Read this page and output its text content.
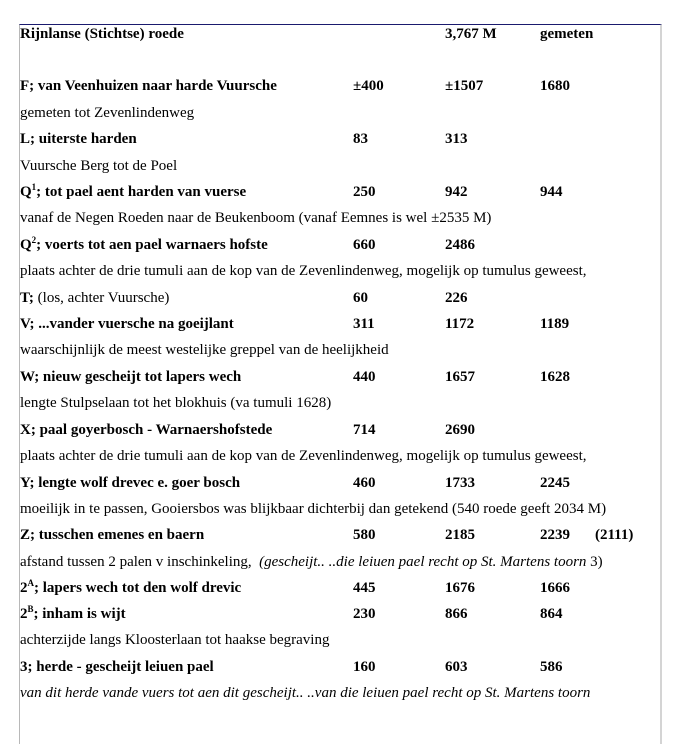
Rijnlanse (Stichtse) roede	3,767 M	gemeten
F; van Veenhuizen naar harde Vuursche	±400	±1507	1680
gemeten tot Zevenlindenweg
L; uiterste harden	83	313
Vuursche Berg tot de Poel
$Q^1$; tot pael aent harden van vuerse	250	942	944
vanaf de Negen Roeden naar de Beukenboom (vanaf Eemnes is wel ±2535 M)
$Q^2$; voerts tot aen pael warnaers hofste	660	2486
plaats achter de drie tumuli aan de kop van de Zevenlindenweg, mogelijk op tumulus geweest,
T; (los, achter Vuursche)	60	226
V; ...vander vuersche na goeijlant	311	1172	1189
waarschijnlijk de meest westelijke greppel van de heelijkheid
W; nieuw gescheijt tot lapers wech	440	1657	1628
lengte Stulpselaan tot het blokhuis (va tumuli 1628)
X; paal goyerbosch - Warnaershofstede	714	2690
plaats achter de drie tumuli aan de kop van de Zevenlindenweg, mogelijk op tumulus geweest,
Y; lengte wolf drevec e. goer bosch	460	1733	2245
moeilijk in te passen, Gooiersbos was blijkbaar dichterbij dan getekend (540 roede geeft 2034 M)
Z; tusschen emenes en baern	580	2185	2239 (2111)
afstand tussen 2 palen v inschinkeling, (gescheijt.. ..die leiuen pael recht op St. Martens toorn 3)
$2^A$; lapers wech tot den wolf drevic	445	1676	1666
$2^B$; inham is wijt	230	866	864
achterzijde langs Kloosterlaan tot haakse begraving
3; herde - gescheijt leiuen pael	160	603	586
van dit herde vande vuers tot aen dit gescheijt.. ..van die leiuen pael recht op St. Martens toorn
